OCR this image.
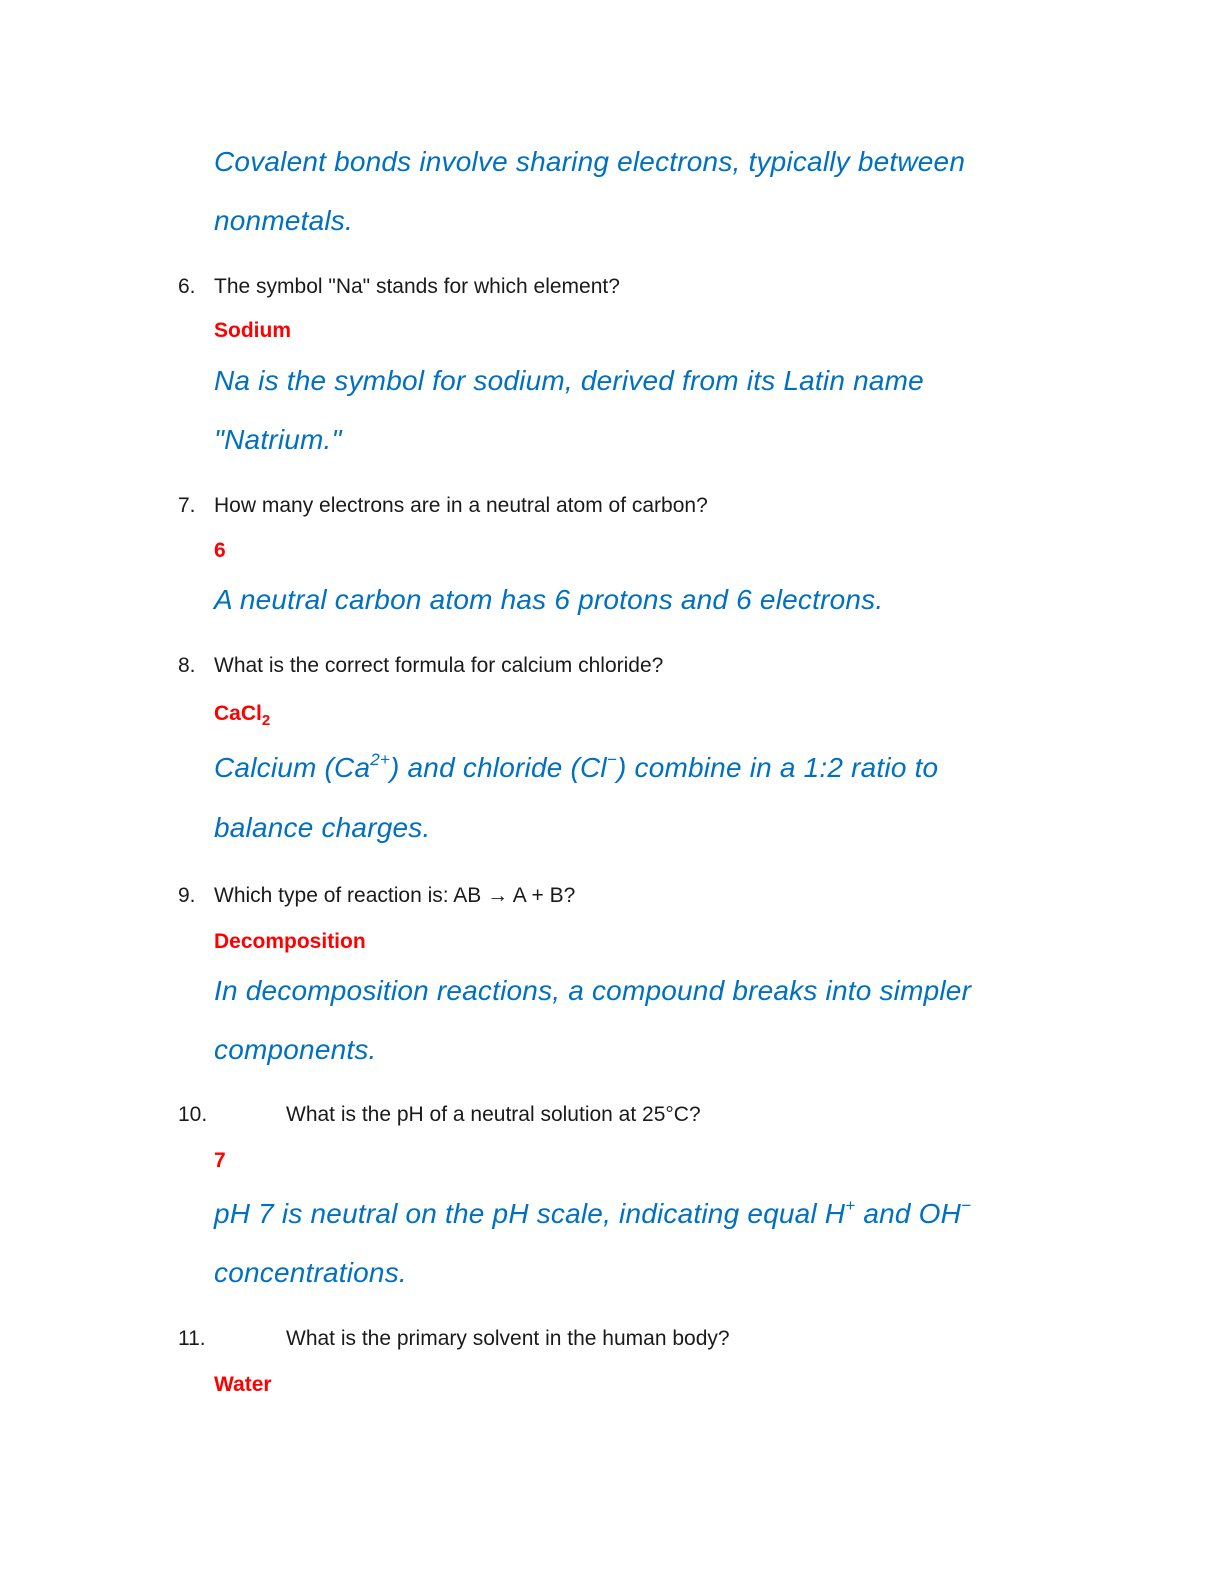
Covalent bonds involve sharing electrons, typically between

nonmetals.

6. The symbol "Na" stands for which element?

Sodium

Na is the symbol for sodium, derived from its Latin name

"Natrium."

7. How many electrons are in a neutral atom of carbon?

6

A neutral carbon atom has 6 protons and 6 electrons.

8. What is the correct formula for calcium chloride?

CaCl$_2$

Calcium $(Ca^{2+})$ and chloride (Cl−) combine in a 1:2 ratio to

balance charges.

9. Which type of reaction is: AB → A + B?

Decomposition

In decomposition reactions, a compound breaks into simpler

components.

10.	What is the pH of a neutral solution at 25°C?

7

pH 7 is neutral on the pH scale, indicating equal H+ and OH−

concentrations.

11.	What is the primary solvent in the human body?

Water
